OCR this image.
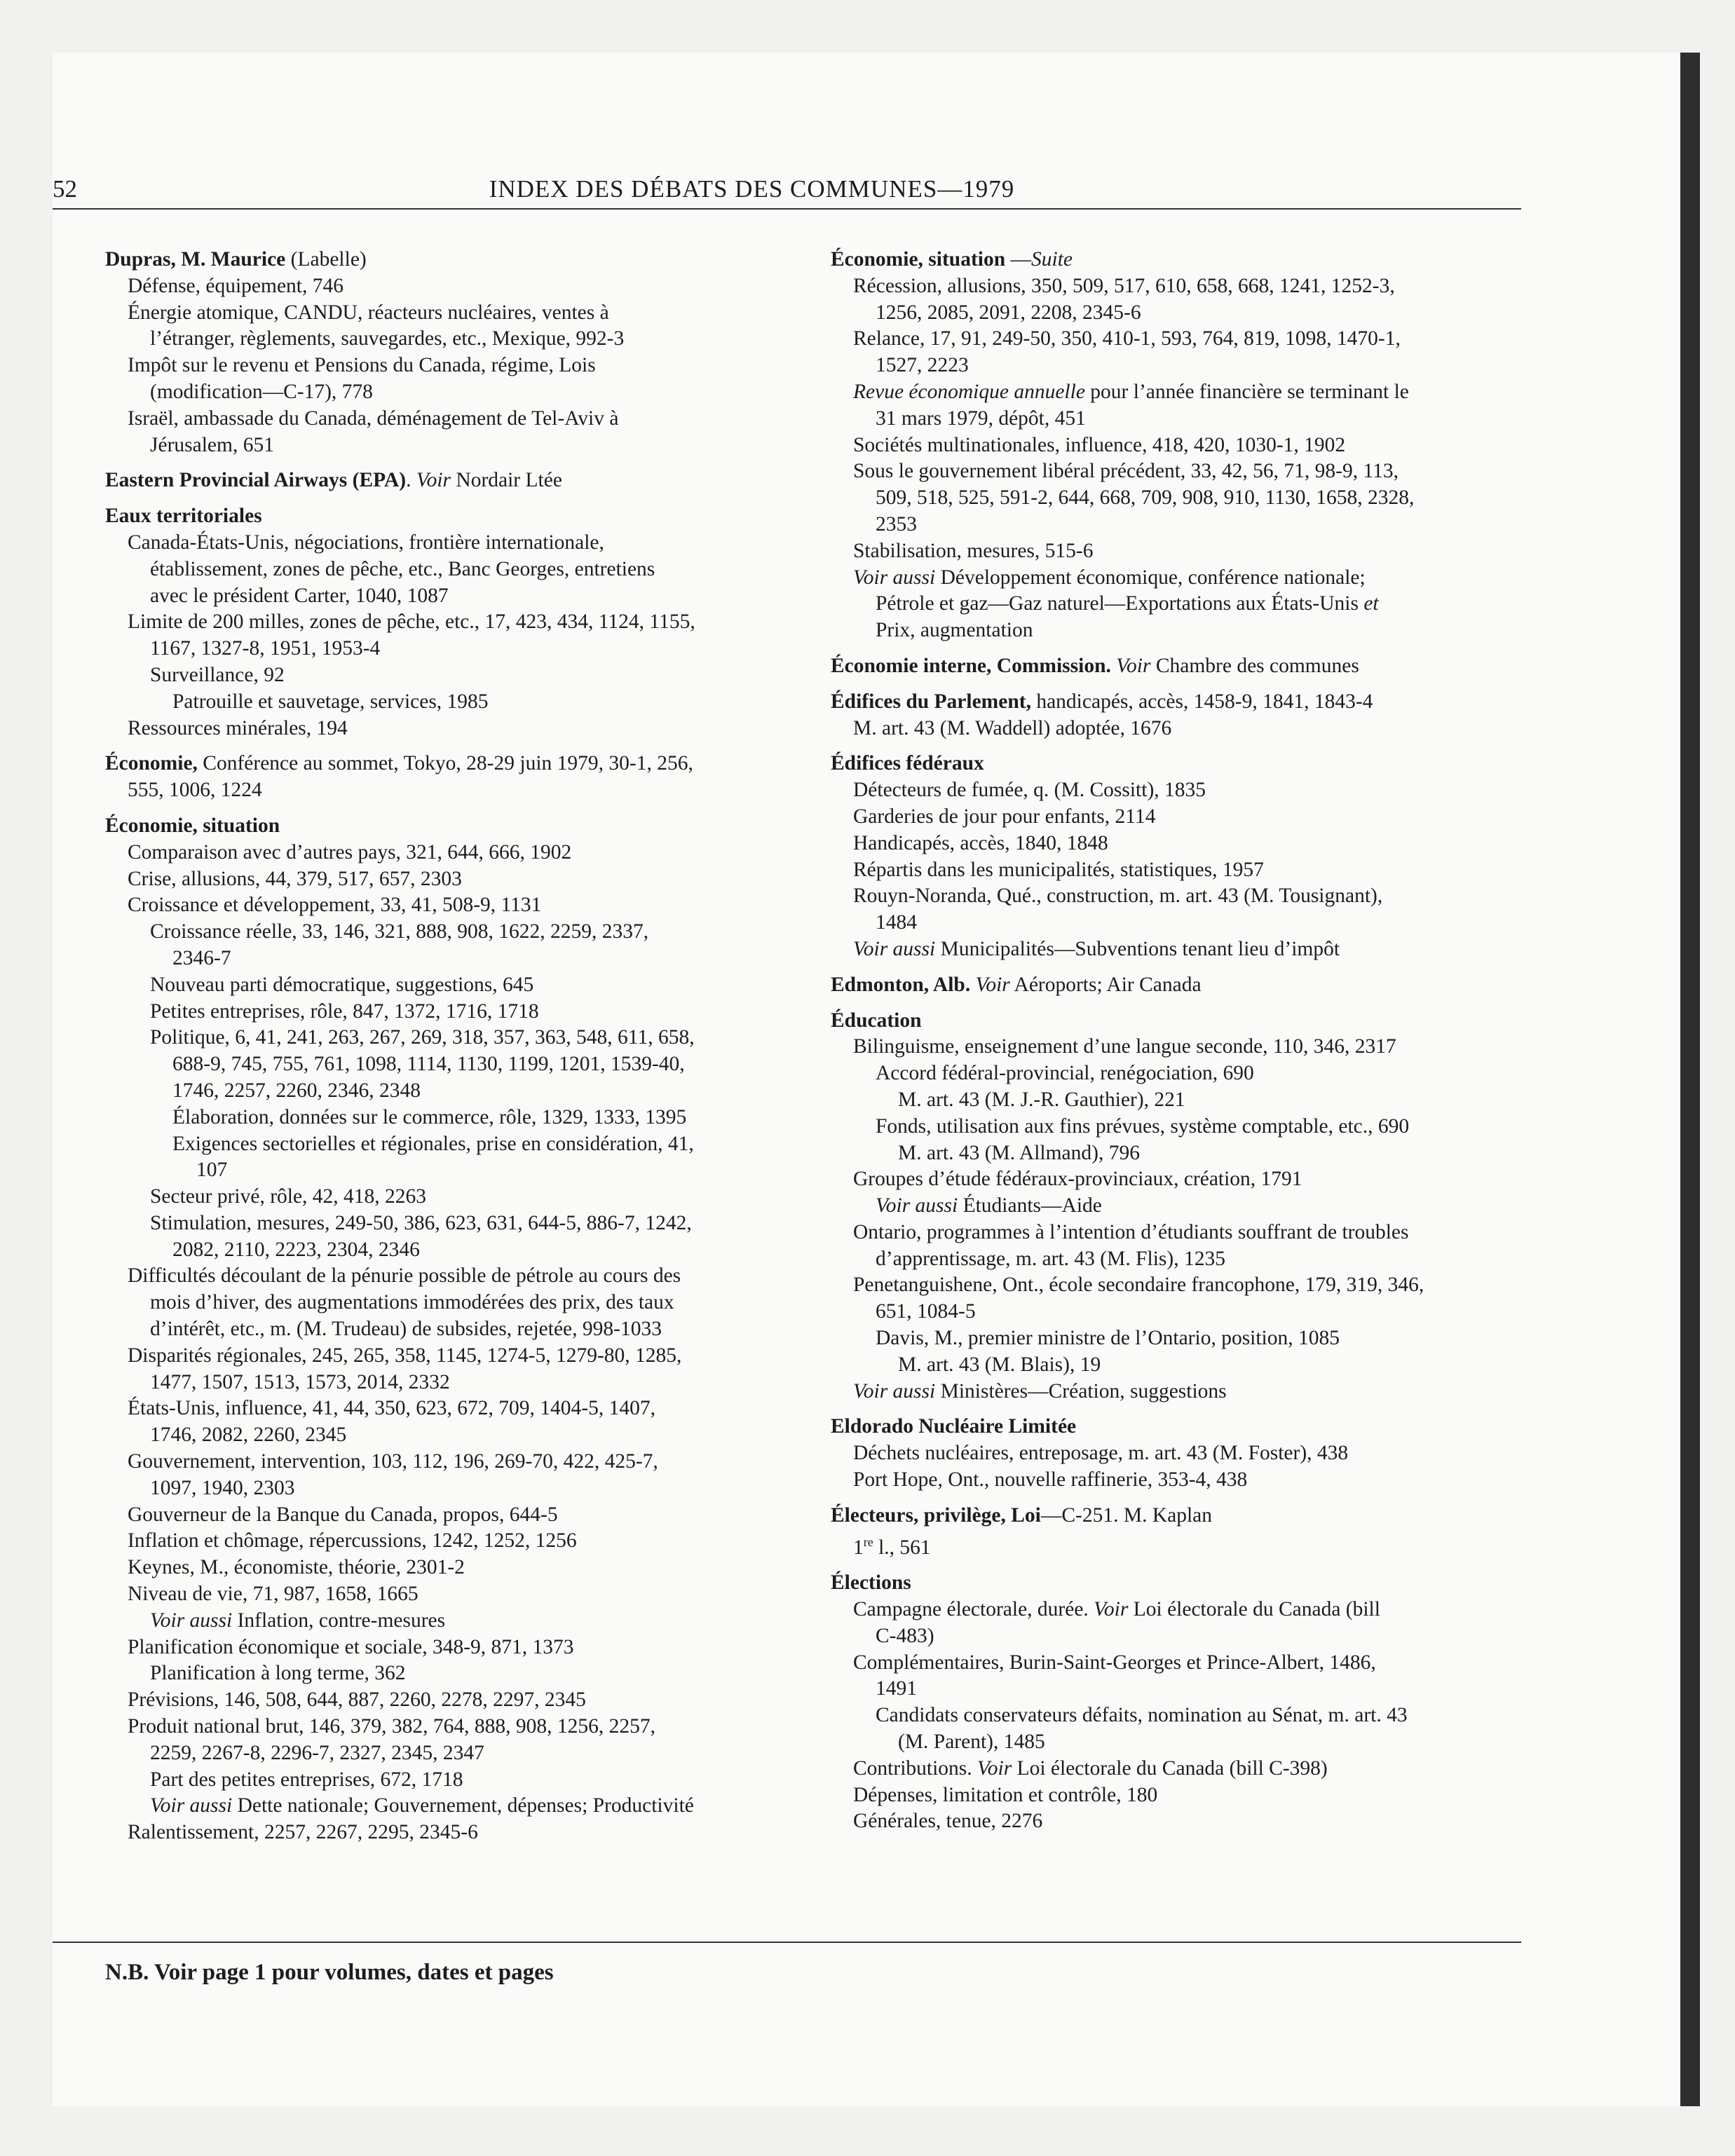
52	INDEX DES DÉBATS DES COMMUNES—1979
Dupras, M. Maurice (Labelle)
Défense, équipement, 746
Énergie atomique, CANDU, réacteurs nucléaires, ventes à
l’étranger, règlements, sauvegardes, etc., Mexique, 992-3
Impôt sur le revenu et Pensions du Canada, régime, Lois
(modification—C-17), 778
Israël, ambassade du Canada, déménagement de Tel-Aviv à
Jérusalem, 651
Eastern Provincial Airways (EPA). Voir Nordair Ltée
Eaux territoriales
Canada-États-Unis, négociations, frontière internationale,
établissement, zones de pêche, etc., Banc Georges, entretiens
avec le président Carter, 1040, 1087
Limite de 200 milles, zones de pêche, etc., 17, 423, 434, 1124, 1155,
1167, 1327-8, 1951, 1953-4
Surveillance, 92
Patrouille et sauvetage, services, 1985
Ressources minérales, 194
Économie, Conférence au sommet, Tokyo, 28-29 juin 1979, 30-1, 256,
555, 1006, 1224
Économie, situation
Comparaison avec d’autres pays, 321, 644, 666, 1902
Crise, allusions, 44, 379, 517, 657, 2303
Croissance et développement, 33, 41, 508-9, 1131
Croissance réelle, 33, 146, 321, 888, 908, 1622, 2259, 2337,
2346-7
Nouveau parti démocratique, suggestions, 645
Petites entreprises, rôle, 847, 1372, 1716, 1718
Politique, 6, 41, 241, 263, 267, 269, 318, 357, 363, 548, 611, 658,
688-9, 745, 755, 761, 1098, 1114, 1130, 1199, 1201, 1539-40,
1746, 2257, 2260, 2346, 2348
Élaboration, données sur le commerce, rôle, 1329, 1333, 1395
Exigences sectorielles et régionales, prise en considération, 41,
107
Secteur privé, rôle, 42, 418, 2263
Stimulation, mesures, 249-50, 386, 623, 631, 644-5, 886-7, 1242,
2082, 2110, 2223, 2304, 2346
Difficultés découlant de la pénurie possible de pétrole au cours des
mois d’hiver, des augmentations immodérées des prix, des taux
d’intérêt, etc., m. (M. Trudeau) de subsides, rejetée, 998-1033
Disparités régionales, 245, 265, 358, 1145, 1274-5, 1279-80, 1285,
1477, 1507, 1513, 1573, 2014, 2332
États-Unis, influence, 41, 44, 350, 623, 672, 709, 1404-5, 1407,
1746, 2082, 2260, 2345
Gouvernement, intervention, 103, 112, 196, 269-70, 422, 425-7,
1097, 1940, 2303
Gouverneur de la Banque du Canada, propos, 644-5
Inflation et chômage, répercussions, 1242, 1252, 1256
Keynes, M., économiste, théorie, 2301-2
Niveau de vie, 71, 987, 1658, 1665
Voir aussi Inflation, contre-mesures
Planification économique et sociale, 348-9, 871, 1373
Planification à long terme, 362
Prévisions, 146, 508, 644, 887, 2260, 2278, 2297, 2345
Produit national brut, 146, 379, 382, 764, 888, 908, 1256, 2257,
2259, 2267-8, 2296-7, 2327, 2345, 2347
Part des petites entreprises, 672, 1718
Voir aussi Dette nationale; Gouvernement, dépenses; Productivité
Ralentissement, 2257, 2267, 2295, 2345-6
Économie, situation —Suite
Récession, allusions, 350, 509, 517, 610, 658, 668, 1241, 1252-3,
1256, 2085, 2091, 2208, 2345-6
Relance, 17, 91, 249-50, 350, 410-1, 593, 764, 819, 1098, 1470-1,
1527, 2223
Revue économique annuelle pour l’année financière se terminant le
31 mars 1979, dépôt, 451
Sociétés multinationales, influence, 418, 420, 1030-1, 1902
Sous le gouvernement libéral précédent, 33, 42, 56, 71, 98-9, 113,
509, 518, 525, 591-2, 644, 668, 709, 908, 910, 1130, 1658, 2328,
2353
Stabilisation, mesures, 515-6
Voir aussi Développement économique, conférence nationale;
Pétrole et gaz—Gaz naturel—Exportations aux États-Unis et
Prix, augmentation
Économie interne, Commission. Voir Chambre des communes
Édifices du Parlement, handicapés, accès, 1458-9, 1841, 1843-4
M. art. 43 (M. Waddell) adoptée, 1676
Édifices fédéraux
Détecteurs de fumée, q. (M. Cossitt), 1835
Garderies de jour pour enfants, 2114
Handicapés, accès, 1840, 1848
Répartis dans les municipalités, statistiques, 1957
Rouyn-Noranda, Qué., construction, m. art. 43 (M. Tousignant),
1484
Voir aussi Municipalités—Subventions tenant lieu d’impôt
Edmonton, Alb. Voir Aéroports; Air Canada
Éducation
Bilinguisme, enseignement d’une langue seconde, 110, 346, 2317
Accord fédéral-provincial, renégociation, 690
M. art. 43 (M. J.-R. Gauthier), 221
Fonds, utilisation aux fins prévues, système comptable, etc., 690
M. art. 43 (M. Allmand), 796
Groupes d’étude fédéraux-provinciaux, création, 1791
Voir aussi Étudiants—Aide
Ontario, programmes à l’intention d’étudiants souffrant de troubles
d’apprentissage, m. art. 43 (M. Flis), 1235
Penetanguishene, Ont., école secondaire francophone, 179, 319, 346,
651, 1084-5
Davis, M., premier ministre de l’Ontario, position, 1085
M. art. 43 (M. Blais), 19
Voir aussi Ministères—Création, suggestions
Eldorado Nucléaire Limitée
Déchets nucléaires, entreposage, m. art. 43 (M. Foster), 438
Port Hope, Ont., nouvelle raffinerie, 353-4, 438
Électeurs, privilège, Loi—C-251. M. Kaplan
1re l., 561
Élections
Campagne électorale, durée. Voir Loi électorale du Canada (bill
C-483)
Complémentaires, Burin-Saint-Georges et Prince-Albert, 1486,
1491
Candidats conservateurs défaits, nomination au Sénat, m. art. 43
(M. Parent), 1485
Contributions. Voir Loi électorale du Canada (bill C-398)
Dépenses, limitation et contrôle, 180
Générales, tenue, 2276
N.B. Voir page 1 pour volumes, dates et pages
